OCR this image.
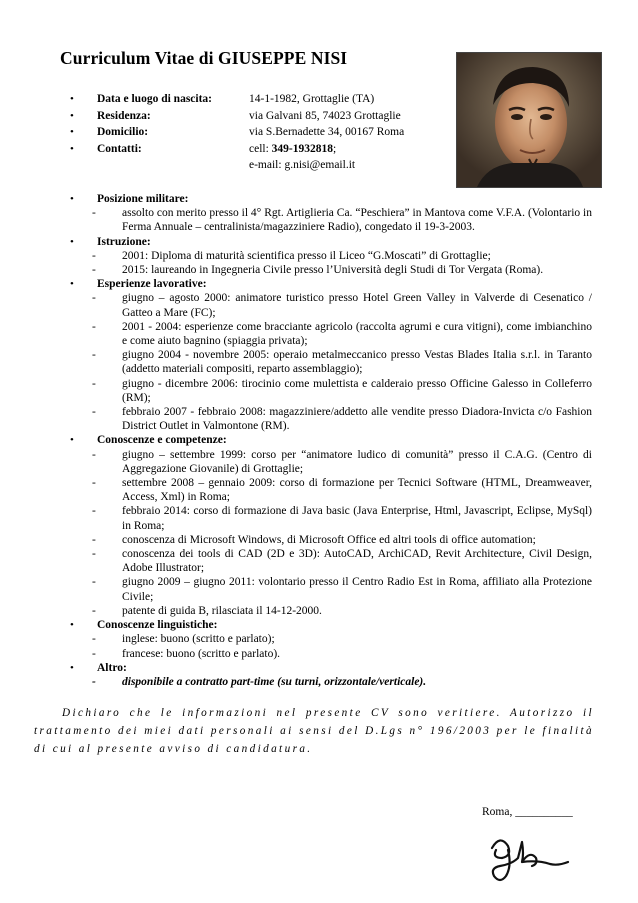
Curriculum Vitae di GIUSEPPE NISI
• Data e luogo di nascita:	14-1-1982, Grottaglie (TA)
• Residenza:	via Galvani 85, 74023 Grottaglie
• Domicilio:	via S.Bernadette 34, 00167 Roma
• Contatti:	cell: 349-1932818;
e-mail: g.nisi@email.it
• Posizione militare:
- assolto con merito presso il 4° Rgt. Artiglieria Ca. “Peschiera” in Mantova come V.F.A. (Volontario in Ferma Annuale – centralinista/magazziniere Radio), congedato il 19-3-2003.
• Istruzione:
- 2001: Diploma di maturità scientifica presso il Liceo “G.Moscati” di Grottaglie;
- 2015: laureando in Ingegneria Civile presso l’Università degli Studi di Tor Vergata (Roma).
• Esperienze lavorative:
- giugno – agosto 2000: animatore turistico presso Hotel Green Valley in Valverde di Cesenatico / Gatteo a Mare (FC);
- 2001 - 2004: esperienze come bracciante agricolo (raccolta agrumi e cura vitigni), come imbianchino e come aiuto bagnino (spiaggia privata);
- giugno 2004 - novembre 2005: operaio metalmeccanico presso Vestas Blades Italia s.r.l. in Taranto (addetto materiali compositi, reparto assemblaggio);
- giugno - dicembre 2006: tirocinio come mulettista e calderaio presso Officine Galesso in Colleferro (RM);
- febbraio 2007 - febbraio 2008: magazziniere/addetto alle vendite presso Diadora-Invicta c/o Fashion District Outlet in Valmontone (RM).
• Conoscenze e competenze:
- giugno – settembre 1999: corso per “animatore ludico di comunità” presso il C.A.G. (Centro di Aggregazione Giovanile) di Grottaglie;
- settembre 2008 – gennaio 2009: corso di formazione per Tecnici Software (HTML, Dreamweaver, Access, Xml) in Roma;
- febbraio 2014: corso di formazione di Java basic (Java Enterprise, Html, Javascript, Eclipse, MySql) in Roma;
- conoscenza di Microsoft Windows, di Microsoft Office ed altri tools di office automation;
- conoscenza dei tools di CAD (2D e 3D): AutoCAD, ArchiCAD, Revit Architecture, Civil Design, Adobe Illustrator;
- giugno 2009 – giugno 2011: volontario presso il Centro Radio Est in Roma, affiliato alla Protezione Civile;
- patente di guida B, rilasciata il 14-12-2000.
• Conoscenze linguistiche:
- inglese: buono (scritto e parlato);
- francese: buono (scritto e parlato).
• Altro:
- disponibile a contratto part-time (su turni, orizzontale/verticale).
Dichiaro che le informazioni nel presente CV sono veritiere. Autorizzo il trattamento dei miei dati personali ai sensi del D.Lgs n° 196/2003 per le finalità di cui al presente avviso di candidatura.
Roma, __________
